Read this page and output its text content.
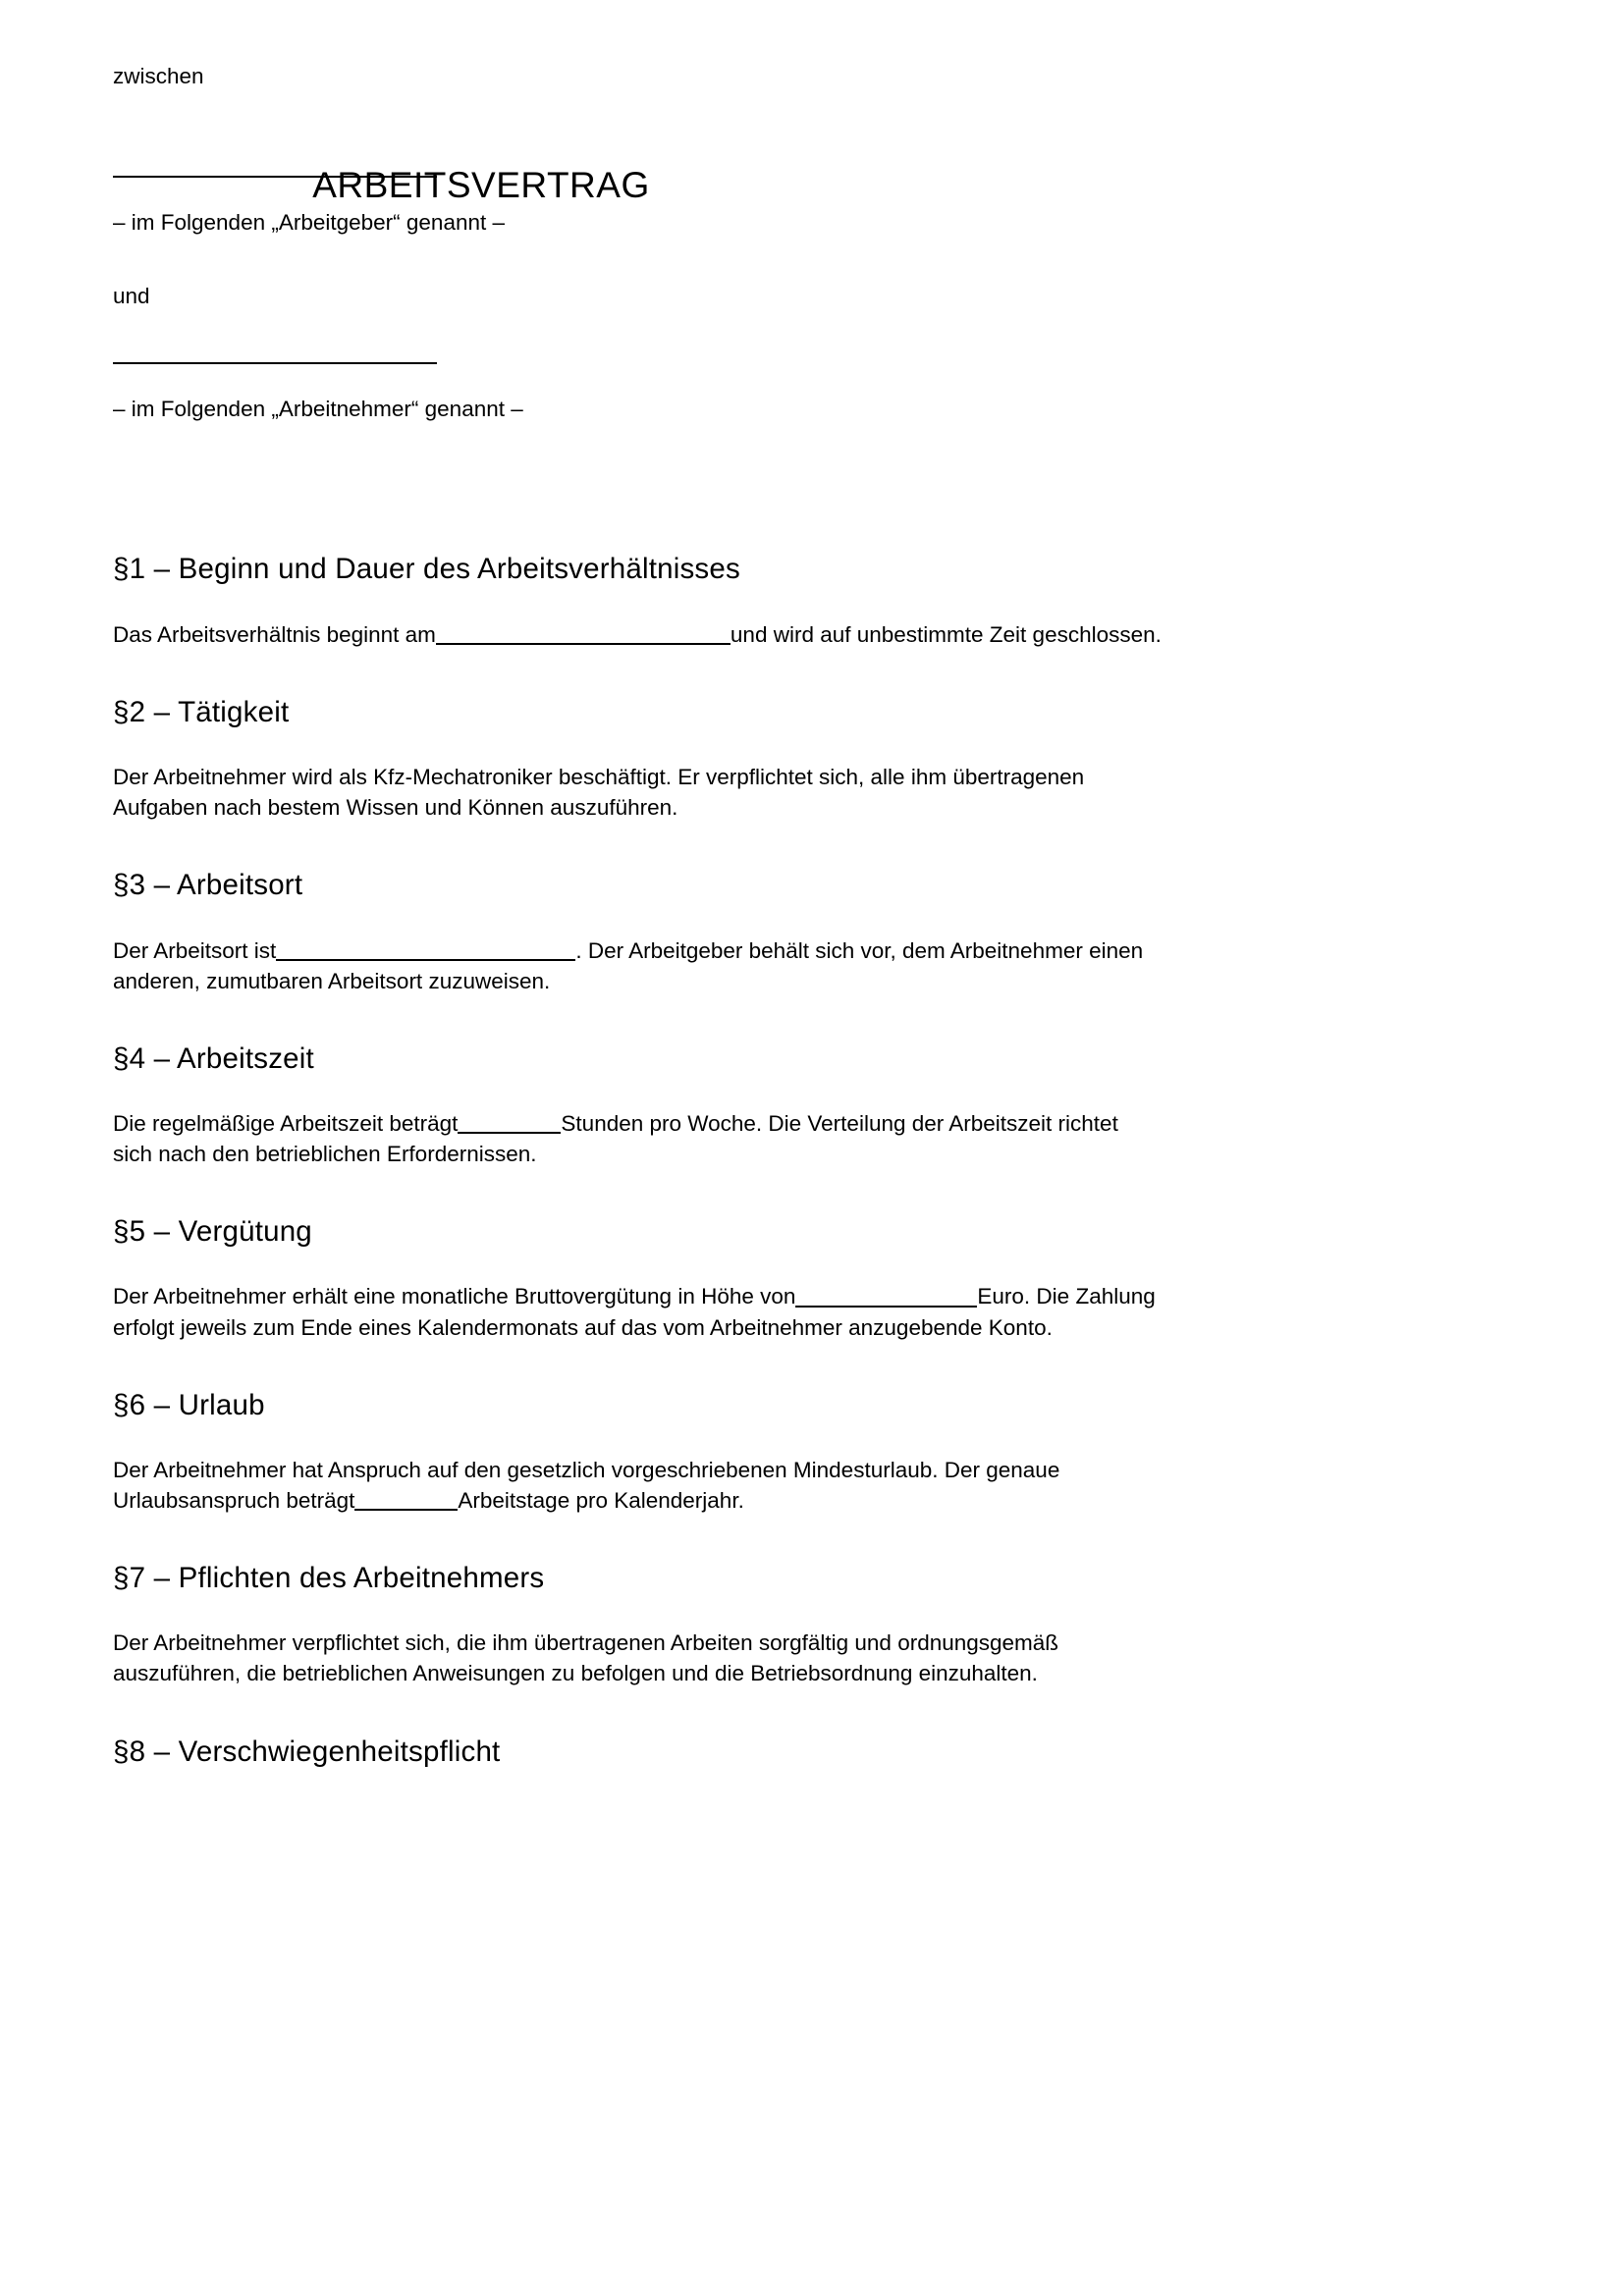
ARBEITSVERTRAG

zwischen

– im Folgenden „Arbeitgeber“ genannt –

und

– im Folgenden „Arbeitnehmer“ genannt –

§1 – Beginn und Dauer des Arbeitsverhältnisses

Das Arbeitsverhältnis beginnt am	und wird auf unbestimmte Zeit geschlossen.

§2 – Tätigkeit

Der Arbeitnehmer wird als Kfz-Mechatroniker beschäftigt. Er verpflichtet sich, alle ihm übertragenen Aufgaben nach bestem Wissen und Können auszuführen.

§3 – Arbeitsort

Der Arbeitsort ist	. Der Arbeitgeber behält sich vor, dem Arbeitnehmer einen anderen, zumutbaren Arbeitsort zuzuweisen.

§4 – Arbeitszeit

Die regelmäßige Arbeitszeit beträgt	Stunden pro Woche. Die Verteilung der Arbeitszeit richtet sich nach den betrieblichen Erfordernissen.

§5 – Vergütung

Der Arbeitnehmer erhält eine monatliche Bruttovergütung in Höhe von	Euro. Die Zahlung erfolgt jeweils zum Ende eines Kalendermonats auf das vom Arbeitnehmer anzugebende Konto.

§6 – Urlaub

Der Arbeitnehmer hat Anspruch auf den gesetzlich vorgeschriebenen Mindesturlaub. Der genaue Urlaubsanspruch beträgt	Arbeitstage pro Kalenderjahr.

§7 – Pflichten des Arbeitnehmers

Der Arbeitnehmer verpflichtet sich, die ihm übertragenen Arbeiten sorgfältig und ordnungsgemäß auszuführen, die betrieblichen Anweisungen zu befolgen und die Betriebsordnung einzuhalten.

§8 – Verschwiegenheitspflicht
